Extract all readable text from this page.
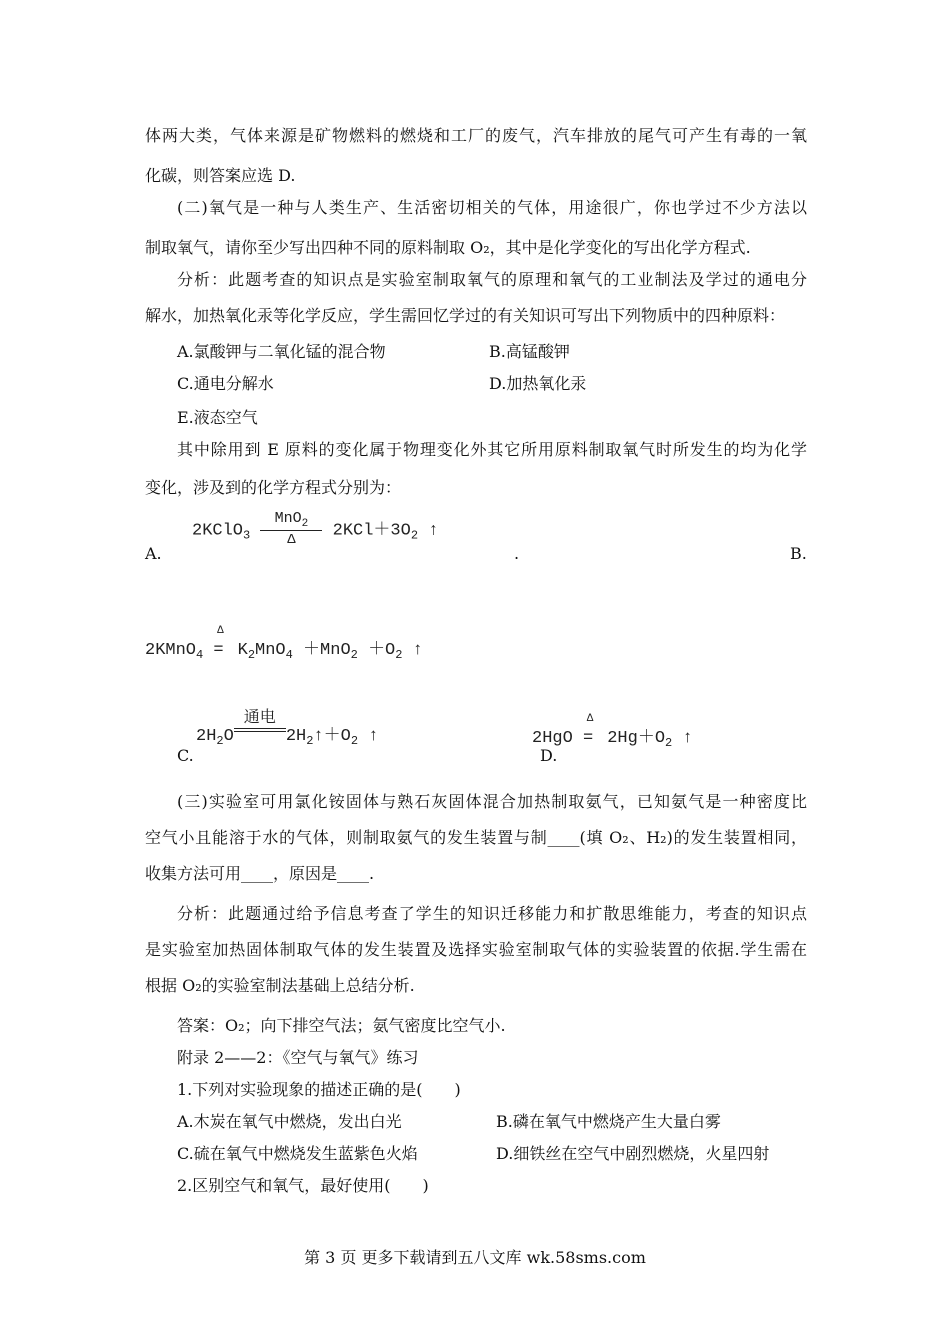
体两大类，气体来源是矿物燃料的燃烧和工厂的废气，汽车排放的尾气可产生有毒的一氧
化碳，则答案应选 D.
(二)氧气是一种与人类生产、生活密切相关的气体，用途很广，你也学过不少方法以
制取氧气，请你至少写出四种不同的原料制取 O₂，其中是化学变化的写出化学方程式.
分析：此题考查的知识点是实验室制取氧气的原理和氧气的工业制法及学过的通电分
解水，加热氧化汞等化学反应，学生需回忆学过的有关知识可写出下列物质中的四种原料：
A.氯酸钾与二氧化锰的混合物	B.高锰酸钾
C.通电分解水	D.加热氧化汞
E.液态空气
其中除用到 E 原料的变化属于物理变化外其它所用原料制取氧气时所发生的均为化学
变化，涉及到的化学方程式分别为：
A.
2KClO$_3$ $\frac{MnO_2}{\Delta} 2KCl+3O_2$ ↑
.	B.
2KMnO$_4$
Δ
= $K_2MnO_4 +MnO_2 +O_2$ ↑
$2H_2O$
通电
$2H_2↑+O_2$ ↑
C.
2HgO
Δ
= $2Hg+O_2$ ↑
D.
(三)实验室可用氯化铵固体与熟石灰固体混合加热制取氨气，已知氨气是一种密度比
空气小且能溶于水的气体，则制取氨气的发生装置与制____(填 O₂、H₂)的发生装置相同，
收集方法可用____，原因是____.
分析：此题通过给予信息考查了学生的知识迁移能力和扩散思维能力，考查的知识点
是实验室加热固体制取气体的发生装置及选择实验室制取气体的实验装置的依据.学生需在
根据 O₂的实验室制法基础上总结分析.
答案：O₂；向下排空气法；氨气密度比空气小.
附录 2——2：《空气与氧气》练习
1.下列对实验现象的描述正确的是(　　)
A.木炭在氧气中燃烧，发出白光	B.磷在氧气中燃烧产生大量白雾
C.硫在氧气中燃烧发生蓝紫色火焰	D.细铁丝在空气中剧烈燃烧，火星四射
2.区别空气和氧气，最好使用(　　)
第 3 页 更多下载请到五八文库 wk.58sms.com
